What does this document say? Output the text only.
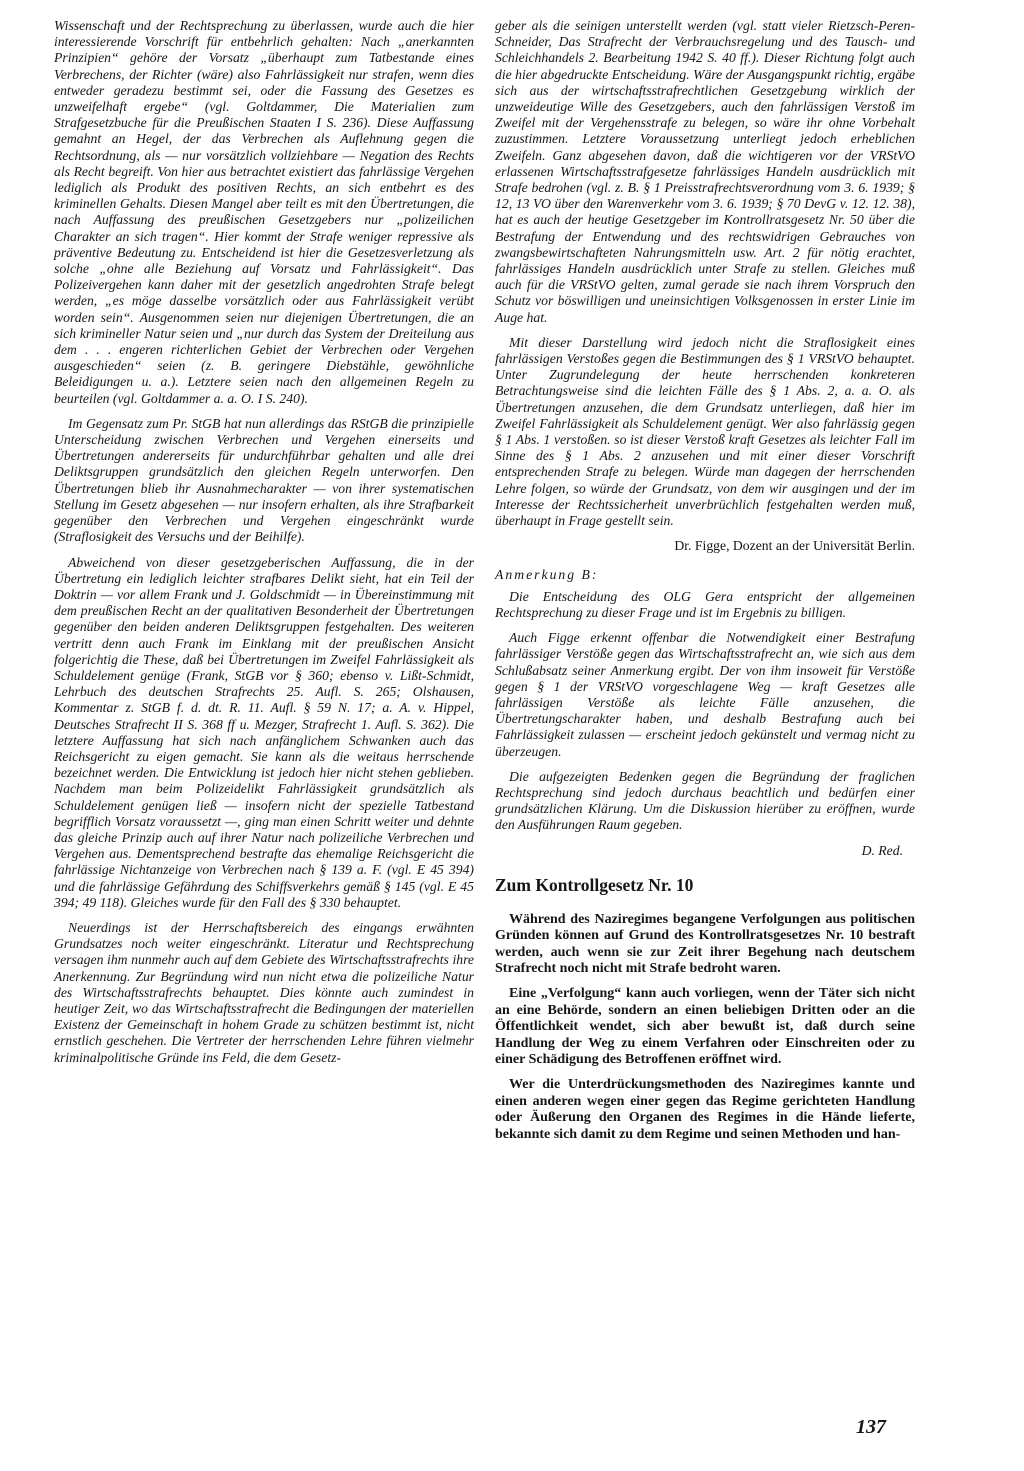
Wissenschaft und der Rechtsprechung zu überlassen, wurde auch die hier interessierende Vorschrift für entbehrlich gehalten: Nach „anerkannten Prinzipien“ gehöre der Vorsatz „überhaupt zum Tatbestande eines Verbrechens, der Richter (wäre) also Fahrlässigkeit nur strafen, wenn dies entweder geradezu bestimmt sei, oder die Fassung des Gesetzes es unzweifelhaft ergebe“ (vgl. Goltdammer, Die Materialien zum Strafgesetzbuche für die Preußischen Staaten I S. 236). Diese Auffassung gemahnt an Hegel, der das Verbrechen als Auflehnung gegen die Rechtsordnung, als — nur vorsätzlich vollziehbare — Negation des Rechts als Recht begreift. Von hier aus betrachtet existiert das fahrlässige Vergehen lediglich als Produkt des positiven Rechts, an sich entbehrt es des kriminellen Gehalts. Diesen Mangel aber teilt es mit den Übertretungen, die nach Auffassung des preußischen Gesetzgebers nur „polizeilichen Charakter an sich tragen“. Hier kommt der Strafe weniger repressive als präventive Bedeutung zu. Entscheidend ist hier die Gesetzesverletzung als solche „ohne alle Beziehung auf Vorsatz und Fahrlässigkeit“. Das Polizeivergehen kann daher mit der gesetzlich angedrohten Strafe belegt werden, „es möge dasselbe vorsätzlich oder aus Fahrlässigkeit verübt worden sein“. Ausgenommen seien nur diejenigen Übertretungen, die an sich krimineller Natur seien und „nur durch das System der Dreiteilung aus dem . . . engeren richterlichen Gebiet der Verbrechen oder Vergehen ausgeschieden“ seien (z. B. geringere Diebstähle, gewöhnliche Beleidigungen u. a.). Letztere seien nach den allgemeinen Regeln zu beurteilen (vgl. Goltdammer a. a. O. I S. 240).

Im Gegensatz zum Pr. StGB hat nun allerdings das RStGB die prinzipielle Unterscheidung zwischen Verbrechen und Vergehen einerseits und Übertretungen andererseits für undurchführbar gehalten und alle drei Deliktsgruppen grundsätzlich den gleichen Regeln unterworfen. Den Übertretungen blieb ihr Ausnahmecharakter — von ihrer systematischen Stellung im Gesetz abgesehen — nur insofern erhalten, als ihre Strafbarkeit gegenüber den Verbrechen und Vergehen eingeschränkt wurde (Straflosigkeit des Versuchs und der Beihilfe).

Abweichend von dieser gesetzgeberischen Auffassung, die in der Übertretung ein lediglich leichter strafbares Delikt sieht, hat ein Teil der Doktrin — vor allem Frank und J. Goldschmidt — in Übereinstimmung mit dem preußischen Recht an der qualitativen Besonderheit der Übertretungen gegenüber den beiden anderen Deliktsgruppen festgehalten. Des weiteren vertritt denn auch Frank im Einklang mit der preußischen Ansicht folgerichtig die These, daß bei Übertretungen im Zweifel Fahrlässigkeit als Schuldelement genüge (Frank, StGB vor § 360; ebenso v. Lißt-Schmidt, Lehrbuch des deutschen Strafrechts 25. Aufl. S. 265; Olshausen, Kommentar z. StGB f. d. dt. R. 11. Aufl. § 59 N. 17; a. A. v. Hippel, Deutsches Strafrecht II S. 368 ff u. Mezger, Strafrecht 1. Aufl. S. 362). Die letztere Auffassung hat sich nach anfänglichem Schwanken auch das Reichsgericht zu eigen gemacht. Sie kann als die weitaus herrschende bezeichnet werden. Die Entwicklung ist jedoch hier nicht stehen geblieben. Nachdem man beim Polizeidelikt Fahrlässigkeit grundsätzlich als Schuldelement genügen ließ — insofern nicht der spezielle Tatbestand begrifflich Vorsatz voraussetzt —, ging man einen Schritt weiter und dehnte das gleiche Prinzip auch auf ihrer Natur nach polizeiliche Verbrechen und Vergehen aus. Dementsprechend bestrafte das ehemalige Reichsgericht die fahrlässige Nichtanzeige von Verbrechen nach § 139 a. F. (vgl. E 45 394) und die fahrlässige Gefährdung des Schiffsverkehrs gemäß § 145 (vgl. E 45 394; 49 118). Gleiches wurde für den Fall des § 330 behauptet.

Neuerdings ist der Herrschaftsbereich des eingangs erwähnten Grundsatzes noch weiter eingeschränkt. Literatur und Rechtsprechung versagen ihm nunmehr auch auf dem Gebiete des Wirtschaftsstrafrechts ihre Anerkennung. Zur Begründung wird nun nicht etwa die polizeiliche Natur des Wirtschaftsstrafrechts behauptet. Dies könnte auch zumindest in heutiger Zeit, wo das Wirtschaftsstrafrecht die Bedingungen der materiellen Existenz der Gemeinschaft in hohem Grade zu schützen bestimmt ist, nicht ernstlich geschehen. Die Vertreter der herrschenden Lehre führen vielmehr kriminalpolitische Gründe ins Feld, die dem Gesetz-

geber als die seinigen unterstellt werden (vgl. statt vieler Rietzsch-Peren-Schneider, Das Strafrecht der Verbrauchsregelung und des Tausch- und Schleichhandels 2. Bearbeitung 1942 S. 40 ff.). Dieser Richtung folgt auch die hier abgedruckte Entscheidung. Wäre der Ausgangspunkt richtig, ergäbe sich aus der wirtschaftsstrafrechtlichen Gesetzgebung wirklich der unzweideutige Wille des Gesetzgebers, auch den fahrlässigen Verstoß im Zweifel mit der Vergehensstrafe zu belegen, so wäre ihr ohne Vorbehalt zuzustimmen. Letztere Voraussetzung unterliegt jedoch erheblichen Zweifeln. Ganz abgesehen davon, daß die wichtigeren vor der VRStVO erlassenen Wirtschaftsstrafgesetze fahrlässiges Handeln ausdrücklich mit Strafe bedrohen (vgl. z. B. § 1 Preisstrafrechtsverordnung vom 3. 6. 1939; § 12, 13 VO über den Warenverkehr vom 3. 6. 1939; § 70 DevG v. 12. 12. 38), hat es auch der heutige Gesetzgeber im Kontrollratsgesetz Nr. 50 über die Bestrafung der Entwendung und des rechtswidrigen Gebrauches von zwangsbewirtschafteten Nahrungsmitteln usw. Art. 2 für nötig erachtet, fahrlässiges Handeln ausdrücklich unter Strafe zu stellen. Gleiches muß auch für die VRStVO gelten, zumal gerade sie nach ihrem Vorspruch den Schutz vor böswilligen und uneinsichtigen Volksgenossen in erster Linie im Auge hat.

Mit dieser Darstellung wird jedoch nicht die Straflosigkeit eines fahrlässigen Verstoßes gegen die Bestimmungen des § 1 VRStVO behauptet. Unter Zugrundelegung der heute herrschenden konkreteren Betrachtungsweise sind die leichten Fälle des § 1 Abs. 2, a. a. O. als Übertretungen anzusehen, die dem Grundsatz unterliegen, daß hier im Zweifel Fahrlässigkeit als Schuldelement genügt. Wer also fahrlässig gegen § 1 Abs. 1 verstoßen. so ist dieser Verstoß kraft Gesetzes als leichter Fall im Sinne des § 1 Abs. 2 anzusehen und mit einer dieser Vorschrift entsprechenden Strafe zu belegen. Würde man dagegen der herrschenden Lehre folgen, so würde der Grundsatz, von dem wir ausgingen und der im Interesse der Rechtssicherheit unverbrüchlich festgehalten werden muß, überhaupt in Frage gestellt sein.

Dr. Figge, Dozent an der Universität Berlin.

Anmerkung B:

Die Entscheidung des OLG Gera entspricht der allgemeinen Rechtsprechung zu dieser Frage und ist im Ergebnis zu billigen.

Auch Figge erkennt offenbar die Notwendigkeit einer Bestrafung fahrlässiger Verstöße gegen das Wirtschaftsstrafrecht an, wie sich aus dem Schlußabsatz seiner Anmerkung ergibt. Der von ihm insoweit für Verstöße gegen § 1 der VRStVO vorgeschlagene Weg — kraft Gesetzes alle fahrlässigen Verstöße als leichte Fälle anzusehen, die Übertretungscharakter haben, und deshalb Bestrafung auch bei Fahrlässigkeit zulassen — erscheint jedoch gekünstelt und vermag nicht zu überzeugen.

Die aufgezeigten Bedenken gegen die Begründung der fraglichen Rechtsprechung sind jedoch durchaus beachtlich und bedürfen einer grundsätzlichen Klärung. Um die Diskussion hierüber zu eröffnen, wurde den Ausführungen Raum gegeben.

D. Red.

Zum Kontrollgesetz Nr. 10

Während des Naziregimes begangene Verfolgungen aus politischen Gründen können auf Grund des Kontrollratsgesetzes Nr. 10 bestraft werden, auch wenn sie zur Zeit ihrer Begehung nach deutschem Strafrecht noch nicht mit Strafe bedroht waren.

Eine „Verfolgung“ kann auch vorliegen, wenn der Täter sich nicht an eine Behörde, sondern an einen beliebigen Dritten oder an die Öffentlichkeit wendet, sich aber bewußt ist, daß durch seine Handlung der Weg zu einem Verfahren oder Einschreiten oder zu einer Schädigung des Betroffenen eröffnet wird.

Wer die Unterdrückungsmethoden des Naziregimes kannte und einen anderen wegen einer gegen das Regime gerichteten Handlung oder Äußerung den Organen des Regimes in die Hände lieferte, bekannte sich damit zu dem Regime und seinen Methoden und han-

137
